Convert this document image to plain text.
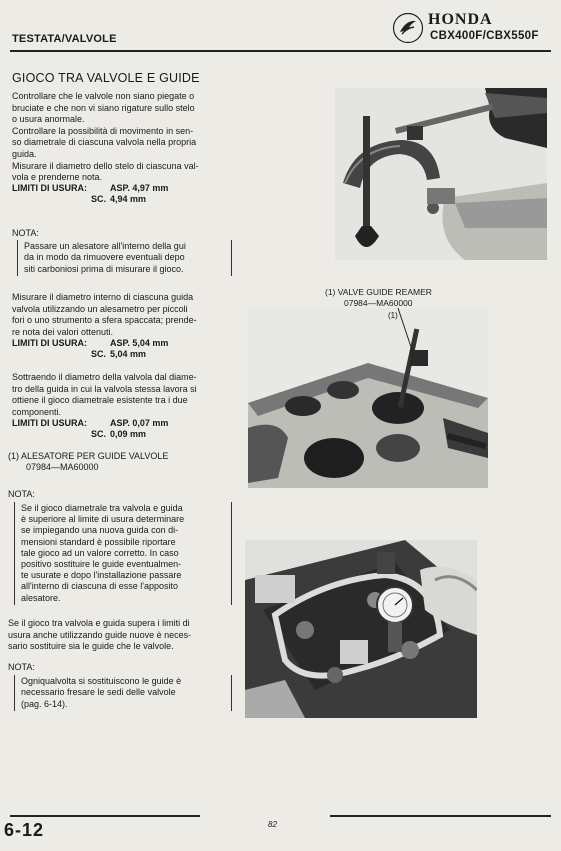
TESTATA/VALVOLE
HONDA
CBX400F/CBX550F
GIOCO TRA VALVOLE E GUIDE
Controllare che le valvole non siano piegate o
bruciate e che non vi siano rigature sullo stelo
o usura anormale.
Controllare la possibilità di movimento in sen-
so diametrale di ciascuna valvola nella propria
guida.
Misurare il diametro dello stelo di ciascuna val-
vola e prenderne nota.
LIMITI DI USURA:	ASP. 4,97 mm
SC. 4,94 mm
NOTA:
Passare un alesatore all'interno della gui
da in modo da rimuovere eventuali depo
siti carboniosi prima di misurare il gioco.
Misurare il diametro interno di ciascuna guida
valvola utilizzando un alesametro per piccoli
fori o uno strumento a sfera spaccata; prende-
re nota dei valori ottenuti.
LIMITI DI USURA:	ASP. 5,04 mm
SC. 5,04 mm
Sottraendo il diametro della valvola dal diame-
tro della guida in cui la valvola stessa lavora si
ottiene il gioco diametrale esistente tra i due
componenti.
LIMITI DI USURA:	ASP. 0,07 mm
SC. 0,09 mm
(1) ALESATORE PER GUIDE VALVOLE
07984—MA60000
NOTA:
Se il gioco diametrale tra valvola e guida
è superiore al limite di usura determinare
se impiegando una nuova guida con di-
mensioni standard è possibile riportare
tale gioco ad un valore corretto. In caso
positivo sostituire le guide eventualmen-
te usurate e dopo l'installazione passare
all'interno di ciascuna di esse l'apposito
alesatore.
Se il gioco tra valvola e guida supera i limiti di
usura anche utilizzando guide nuove è neces-
sario sostituire sia le guide che le valvole.
NOTA:
Ogniqualvolta si sostituiscono le guide è
necessario fresare le sedi delle valvole
(pag. 6-14).
(1) VALVE GUIDE REAMER
07984—MA60000
(1)
6-12	82
